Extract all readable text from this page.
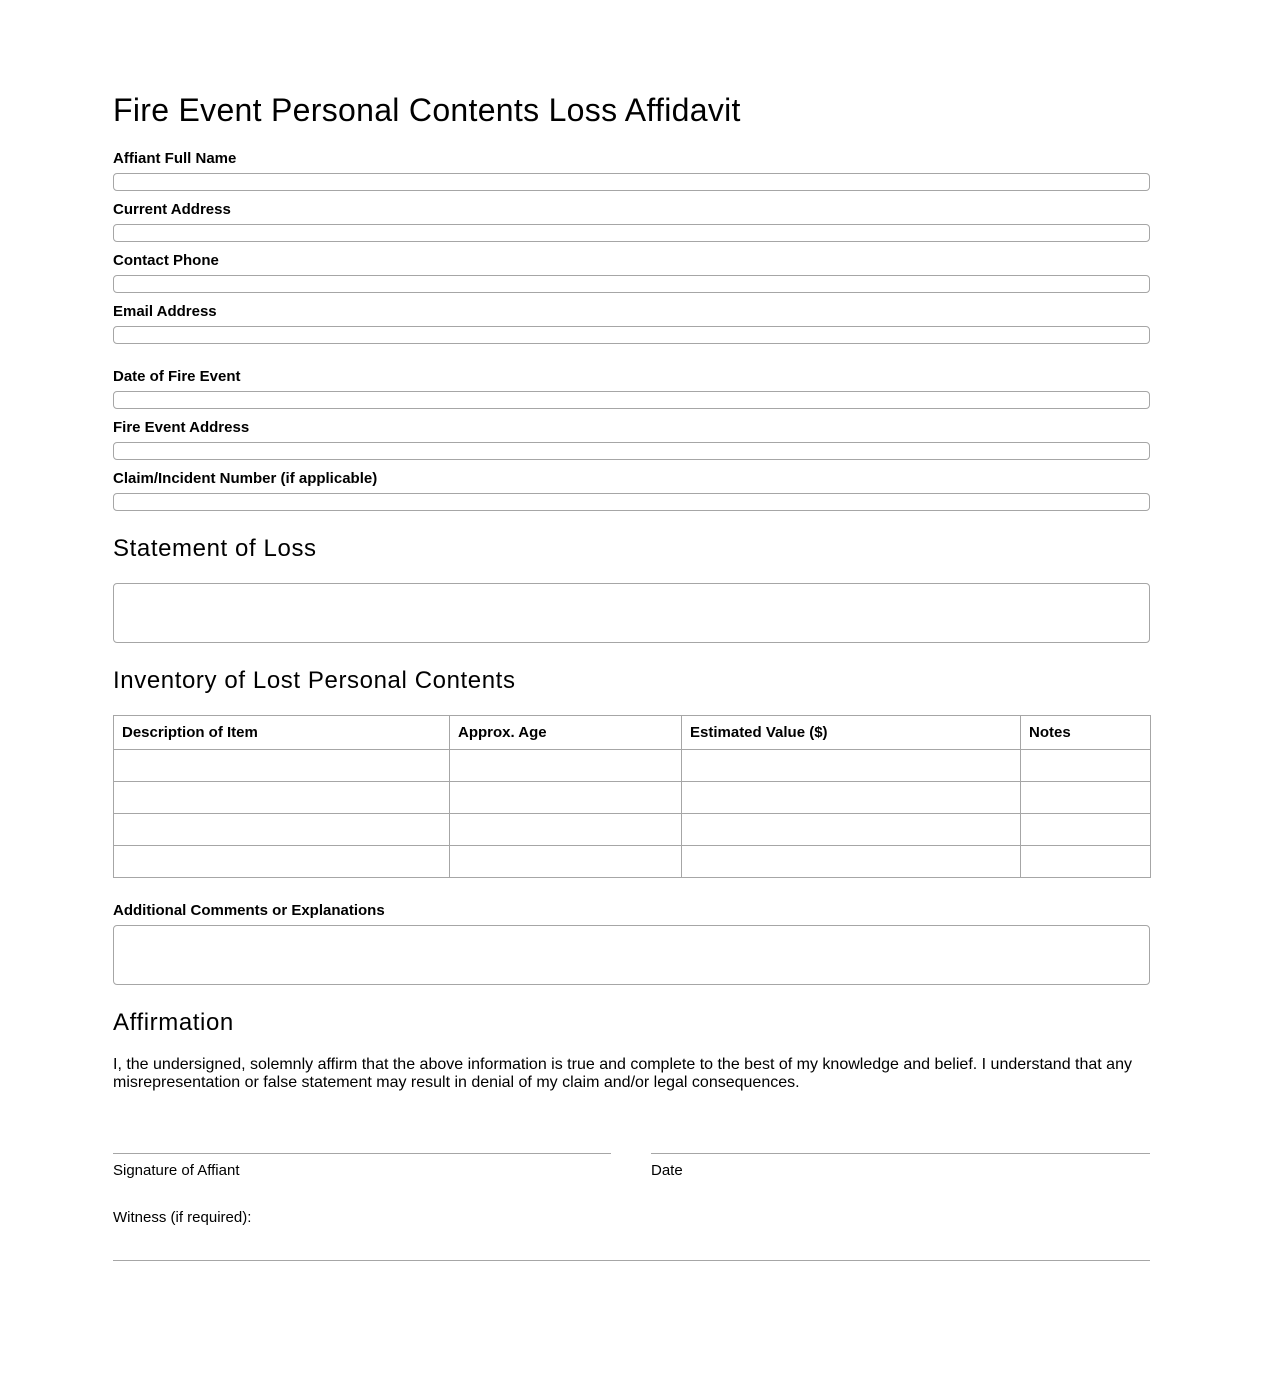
Fire Event Personal Contents Loss Affidavit
Affiant Full Name
Current Address
Contact Phone
Email Address
Date of Fire Event
Fire Event Address
Claim/Incident Number (if applicable)
Statement of Loss
Inventory of Lost Personal Contents
Description of Item	Approx. Age	Estimated Value ($)	Notes

Additional Comments or Explanations
Affirmation
I, the undersigned, solemnly affirm that the above information is true and complete to the best of my knowledge and belief. I understand that any misrepresentation or false statement may result in denial of my claim and/or legal consequences.
Signature of Affiant	Date
Witness (if required):
